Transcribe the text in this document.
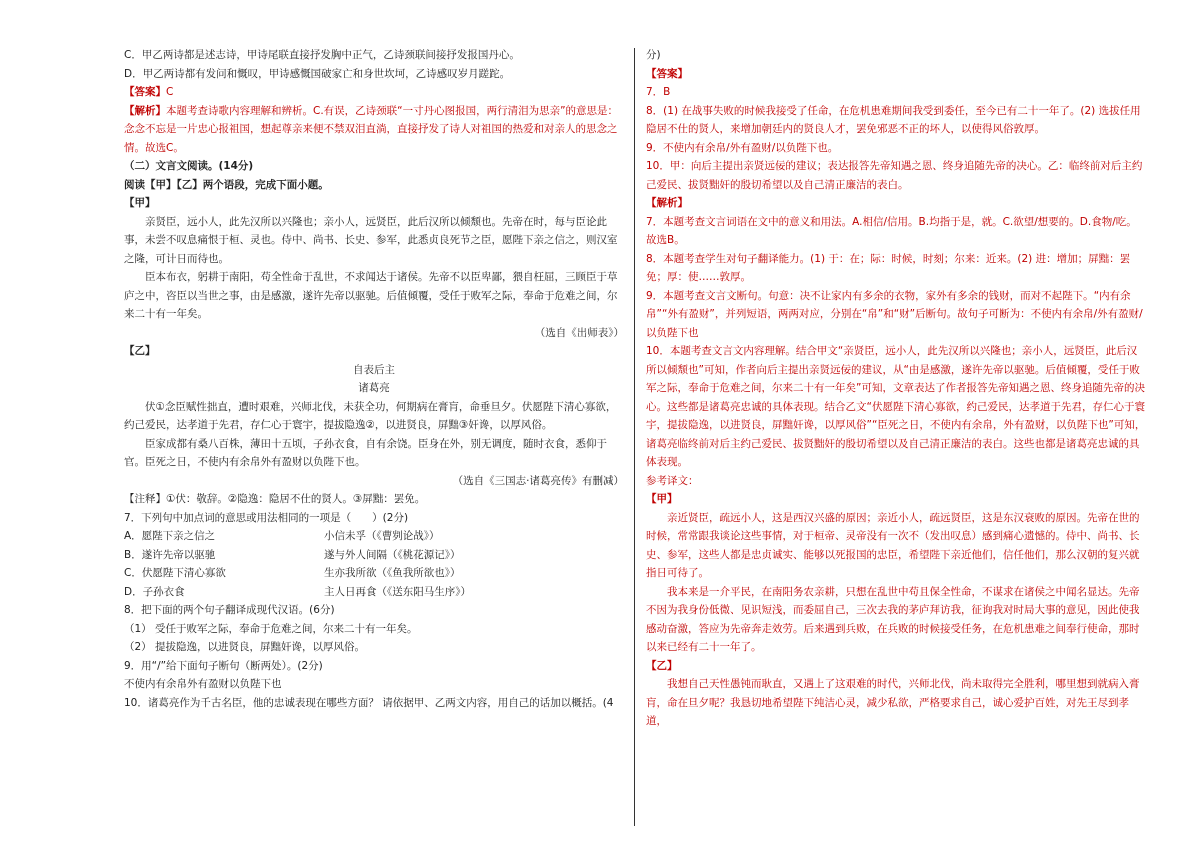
C．甲乙两诗都是述志诗，甲诗尾联直接抒发胸中正气，乙诗颈联间接抒发报国丹心。

D．甲乙两诗都有发问和慨叹，甲诗感慨国破家亡和身世坎坷，乙诗感叹岁月蹉跎。

【答案】C

【解析】本题考查诗歌内容理解和辨析。C.有误，乙诗颈联“一寸丹心图报国，两行清泪为思亲”的意思是：念念不忘是一片忠心报祖国，想起尊亲来便不禁双泪直淌，直接抒发了诗人对祖国的热爱和对亲人的思念之情。故选C。

（二）文言文阅读。(14分)

阅读【甲】【乙】两个语段，完成下面小题。

【甲】

亲贤臣，远小人，此先汉所以兴隆也；亲小人，远贤臣，此后汉所以倾颓也。先帝在时，每与臣论此事，未尝不叹息痛恨于桓、灵也。侍中、尚书、长史、参军，此悉贞良死节之臣，愿陛下亲之信之，则汉室之隆，可计日而待也。

臣本布衣，躬耕于南阳，苟全性命于乱世，不求闻达于诸侯。先帝不以臣卑鄙，猥自枉屈，三顾臣于草庐之中，咨臣以当世之事，由是感激，遂许先帝以驱驰。后值倾覆，受任于败军之际，奉命于危难之间，尔来二十有一年矣。

（选自《出师表》）

【乙】

自表后主

诸葛亮

伏①念臣赋性拙直，遭时艰难，兴师北伐，未获全功，何期病在膏肓，命垂旦夕。伏愿陛下清心寡欲，约己爱民，达孝道于先君，存仁心于寰宇，提拔隐逸②，以进贤良，屏黜③奸谗，以厚风俗。

臣家成都有桑八百株，薄田十五顷，子孙衣食，自有余饶。臣身在外，别无调度，随时衣食，悉仰于官。臣死之日，不使内有余帛外有盈财以负陛下也。

（选自《三国志·诸葛亮传》有删减）

【注释】①伏：敬辞。②隐逸：隐居不仕的贤人。③屏黜：罢免。

7．下列句中加点词的意思或用法相同的一项是（　　）(2分)

A．愿陛下亲之信之	小信未孚（《曹刿论战》）
B．遂许先帝以驱驰	遂与外人间隔（《桃花源记》）
C．伏愿陛下清心寡欲	生亦我所欲（《鱼我所欲也》）
D．子孙衣食	主人日再食（《送东阳马生序》）

8．把下面的两个句子翻译成现代汉语。(6分)

（1） 受任于败军之际，奉命于危难之间，尔来二十有一年矣。

（2） 提拔隐逸，以进贤良，屏黜奸谗，以厚风俗。

9．用“/”给下面句子断句（断两处）。(2分)

不使内有余帛外有盈财以负陛下也

10．诸葛亮作为千古名臣，他的忠诚表现在哪些方面？ 请依据甲、乙两文内容，用自己的话加以概括。(4

分)

【答案】

7．B

8．(1) 在战事失败的时候我接受了任命，在危机患难期间我受到委任，至今已有二十一年了。(2) 选拔任用隐居不仕的贤人，来增加朝廷内的贤良人才，罢免邪恶不正的坏人，以使得风俗敦厚。

9．不使内有余帛/外有盈财/以负陛下也。

10．甲：向后主提出亲贤远佞的建议；表达报答先帝知遇之恩、终身追随先帝的决心。乙：临终前对后主约己爱民、拔贤黜奸的殷切希望以及自己清正廉洁的表白。

【解析】

7．本题考查文言词语在文中的意义和用法。A.相信/信用。B.均指于是，就。C.欲望/想要的。D.食物/吃。故选B。

8．本题考查学生对句子翻译能力。(1) 于：在；际：时候，时刻；尔来：近来。(2) 进：增加；屏黜：罢免；厚：使……敦厚。

9．本题考查文言文断句。句意：决不让家内有多余的衣物，家外有多余的钱财，而对不起陛下。“内有余帛”“外有盈财”，并列短语，两两对应，分别在“帛”和“财”后断句。故句子可断为：不使内有余帛/外有盈财/以负陛下也

10．本题考查文言文内容理解。结合甲文“亲贤臣，远小人，此先汉所以兴隆也；亲小人，远贤臣，此后汉所以倾颓也”可知，作者向后主提出亲贤远佞的建议，从“由是感激，遂许先帝以驱驰。后值倾覆，受任于败军之际，奉命于危难之间，尔来二十有一年矣”可知，文章表达了作者报答先帝知遇之恩、终身追随先帝的决心。这些都是诸葛亮忠诚的具体表现。结合乙文“伏愿陛下清心寡欲，约己爱民，达孝道于先君，存仁心于寰宇，提拔隐逸，以进贤良，屏黜奸谗，以厚风俗”“臣死之日，不使内有余帛，外有盈财，以负陛下也”可知，诸葛亮临终前对后主约己爱民、拔贤黜奸的殷切希望以及自己清正廉洁的表白。这些也都是诸葛亮忠诚的具体表现。

参考译文：

【甲】

亲近贤臣，疏远小人，这是西汉兴盛的原因；亲近小人，疏远贤臣，这是东汉衰败的原因。先帝在世的时候，常常跟我谈论这些事情，对于桓帝、灵帝没有一次不（发出叹息）感到痛心遗憾的。侍中、尚书、长史、参军，这些人都是忠贞诚实、能够以死报国的忠臣，希望陛下亲近他们，信任他们，那么汉朝的复兴就指日可待了。

我本来是一介平民，在南阳务农亲耕，只想在乱世中苟且保全性命，不谋求在诸侯之中闻名显达。先帝不因为我身份低微、见识短浅，而委屈自己，三次去我的茅庐拜访我，征询我对时局大事的意见，因此使我感动奋激，答应为先帝奔走效劳。后来遇到兵败，在兵败的时候接受任务，在危机患难之间奉行使命，那时以来已经有二十一年了。

【乙】

我想自己天性愚钝而耿直，又遇上了这艰难的时代，兴师北伐，尚未取得完全胜利，哪里想到就病入膏肓，命在旦夕呢？我恳切地希望陛下纯洁心灵，减少私欲，严格要求自己，诚心爱护百姓，对先王尽到孝道，
